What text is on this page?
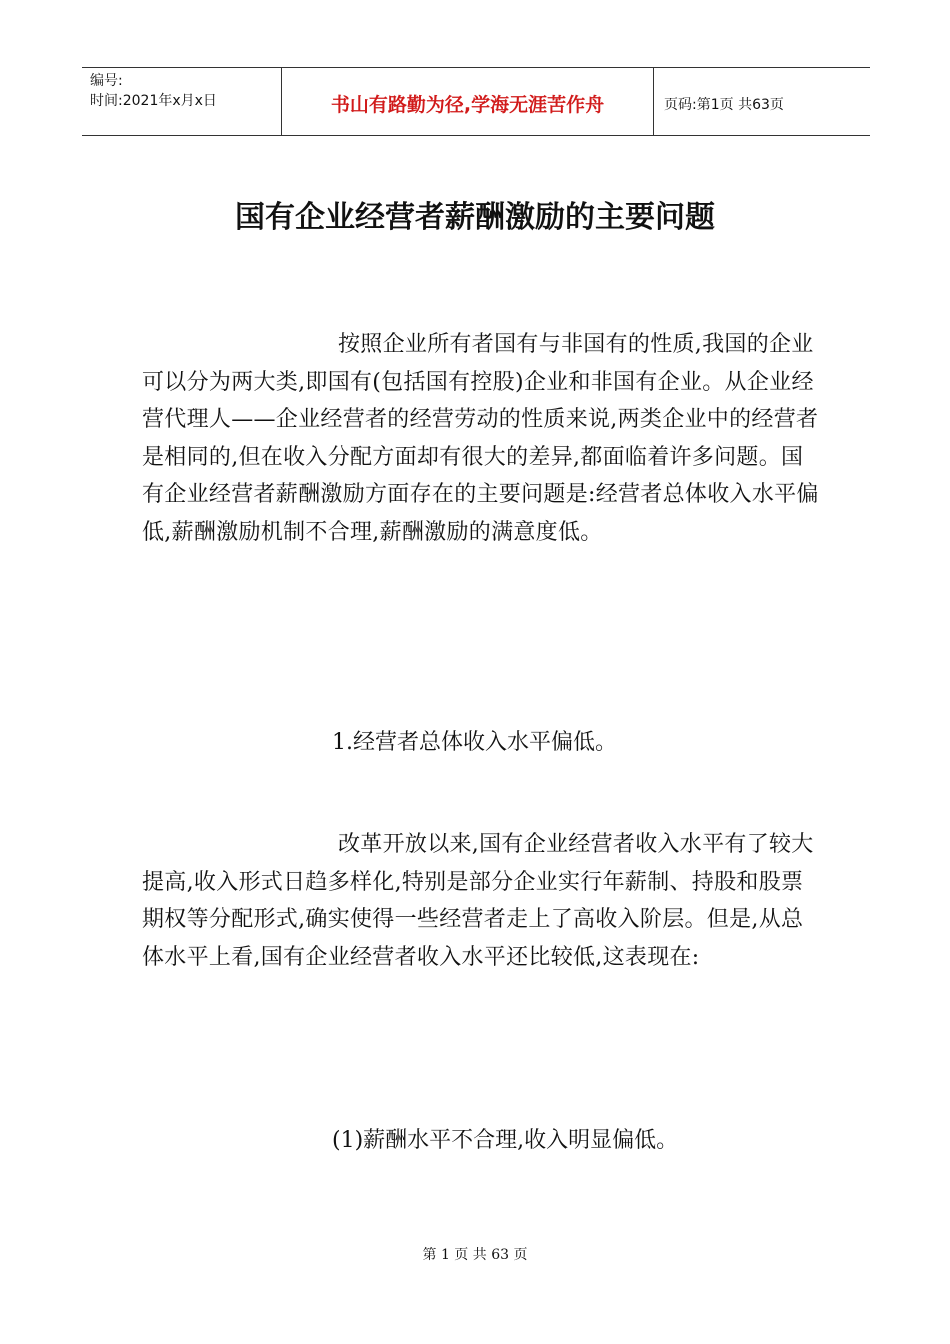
编号:
时间:2021年x月x日	书山有路勤为径,学海无涯苦作舟	页码:第1页 共63页
国有企业经营者薪酬激励的主要问题

按照企业所有者国有与非国有的性质,我国的企业可以分为两大类,即国有(包括国有控股)企业和非国有企业。从企业经营代理人——企业经营者的经营劳动的性质来说,两类企业中的经营者是相同的,但在收入分配方面却有很大的差异,都面临着许多问题。国有企业经营者薪酬激励方面存在的主要问题是:经营者总体收入水平偏低,薪酬激励机制不合理,薪酬激励的满意度低。

1.经营者总体收入水平偏低。

改革开放以来,国有企业经营者收入水平有了较大提高,收入形式日趋多样化,特别是部分企业实行年薪制、持股和股票期权等分配形式,确实使得一些经营者走上了高收入阶层。但是,从总体水平上看,国有企业经营者收入水平还比较低,这表现在:

(1)薪酬水平不合理,收入明显偏低。

第 1 页 共 63 页
